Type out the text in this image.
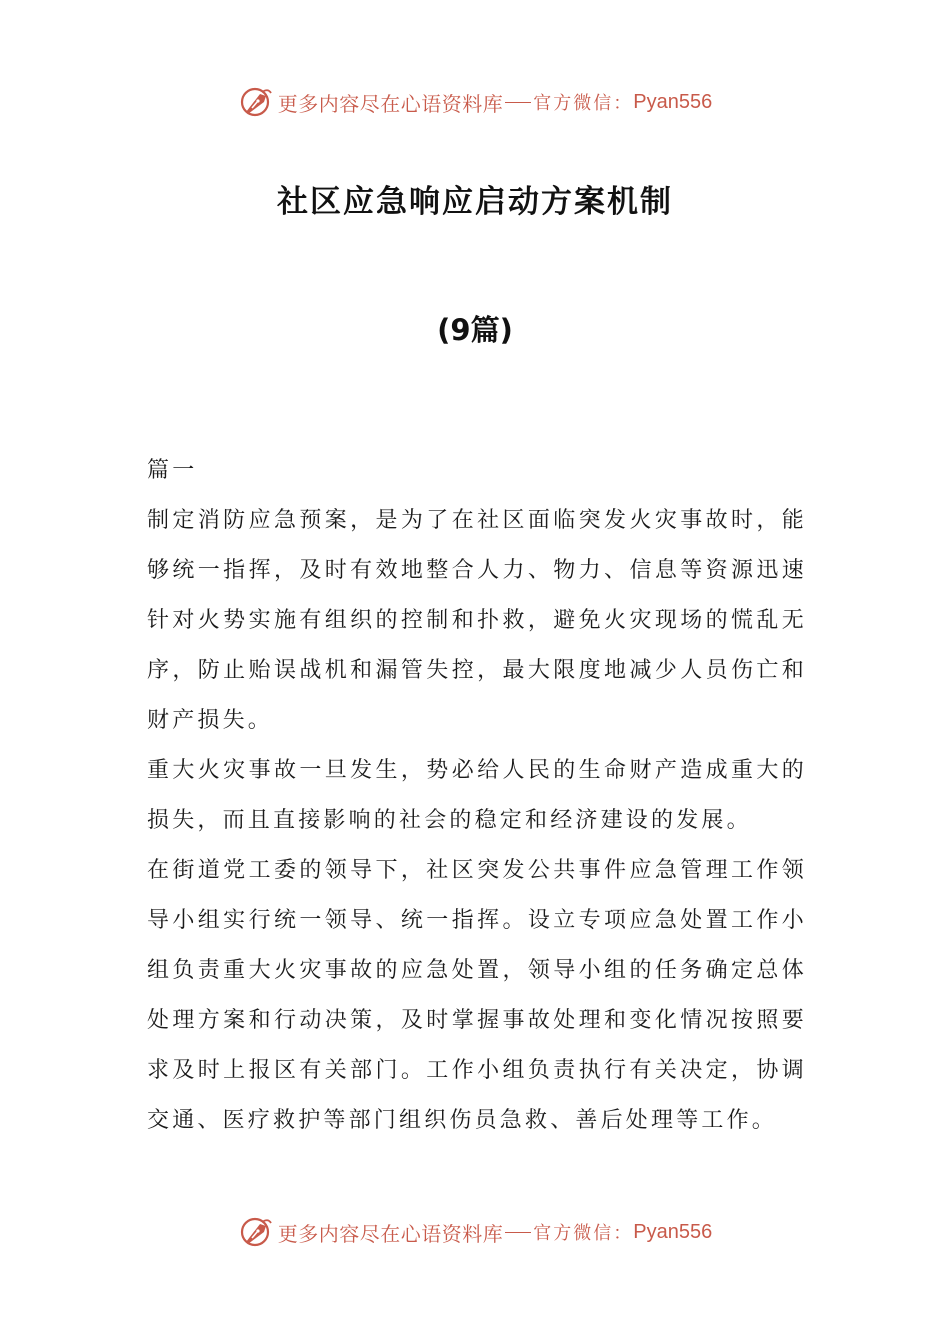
更多内容尽在心语资料库 官方微信： Pyan556
社区应急响应启动方案机制
(9篇)

篇一

制定消防应急预案，是为了在社区面临突发火灾事故时，能够统一指挥，及时有效地整合人力、物力、信息等资源迅速针对火势实施有组织的控制和扑救，避免火灾现场的慌乱无序，防止贻误战机和漏管失控，最大限度地减少人员伤亡和财产损失。

重大火灾事故一旦发生，势必给人民的生命财产造成重大的损失，而且直接影响的社会的稳定和经济建设的发展。

在街道党工委的领导下，社区突发公共事件应急管理工作领导小组实行统一领导、统一指挥。设立专项应急处置工作小组负责重大火灾事故的应急处置，领导小组的任务确定总体处理方案和行动决策，及时掌握事故处理和变化情况按照要求及时上报区有关部门。工作小组负责执行有关决定，协调交通、医疗救护等部门组织伤员急救、善后处理等工作。

更多内容尽在心语资料库 官方微信： Pyan556
